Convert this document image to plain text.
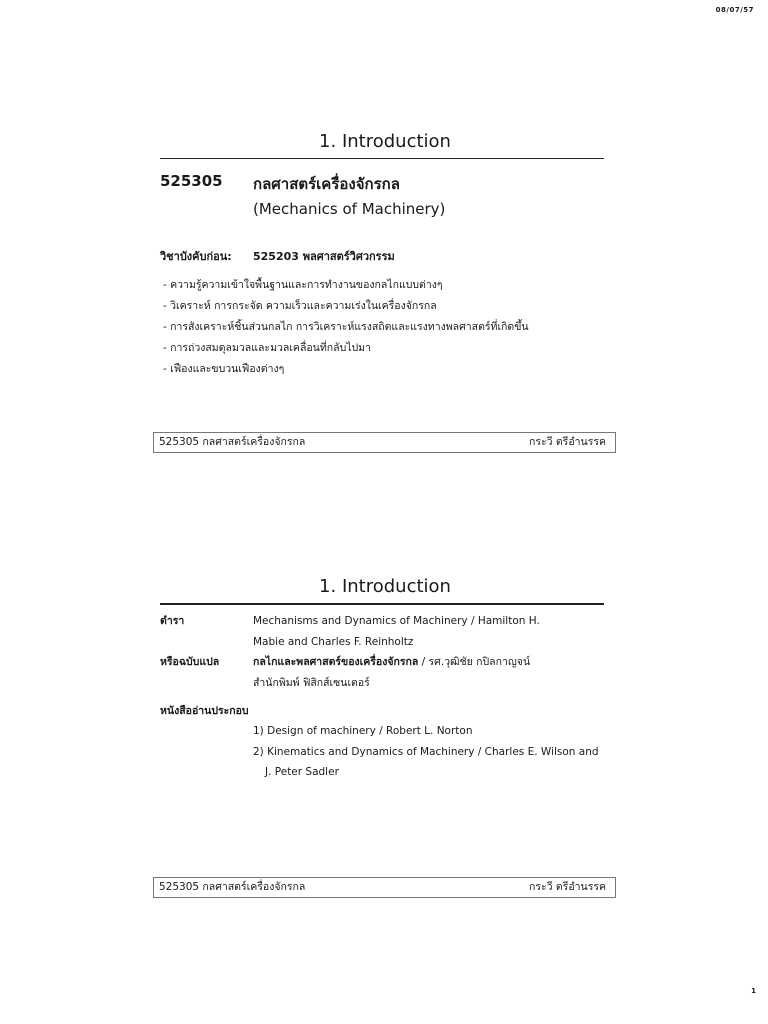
08/07/57
1. Introduction
525305 กลศาสตร์เครื่องจักรกล
(Mechanics of Machinery)
วิชาบังคับก่อน: 525203 พลศาสตร์วิศวกรรม
- ความรู้ความเข้าใจพื้นฐานและการทำงานของกลไกแบบต่างๆ
- วิเคราะห์ การกระจัด ความเร็วและความเร่งในเครื่องจักรกล
- การสังเคราะห์ชิ้นส่วนกลไก การวิเคราะห์แรงสถิตและแรงทางพลศาสตร์ที่เกิดขึ้น
- การถ่วงสมดุลมวลและมวลเคลื่อนที่กลับไปมา
- เฟืองและขบวนเฟืองต่างๆ
525305 กลศาสตร์เครื่องจักรกล	กระวี ตรีอำนรรค
1. Introduction
ตำรา	Mechanisms and Dynamics of Machinery / Hamilton H.
Mabie and Charles F. Reinholtz
หรือฉบับแปล	กลไกและพลศาสตร์ของเครื่องจักรกล / รศ.วุฒิชัย กปิลกาญจน์
สำนักพิมพ์ ฟิสิกส์เซนเตอร์
หนังสืออ่านประกอบ
1) Design of machinery / Robert L. Norton
2) Kinematics and Dynamics of Machinery / Charles E. Wilson and
J. Peter Sadler
525305 กลศาสตร์เครื่องจักรกล	กระวี ตรีอำนรรค
1
